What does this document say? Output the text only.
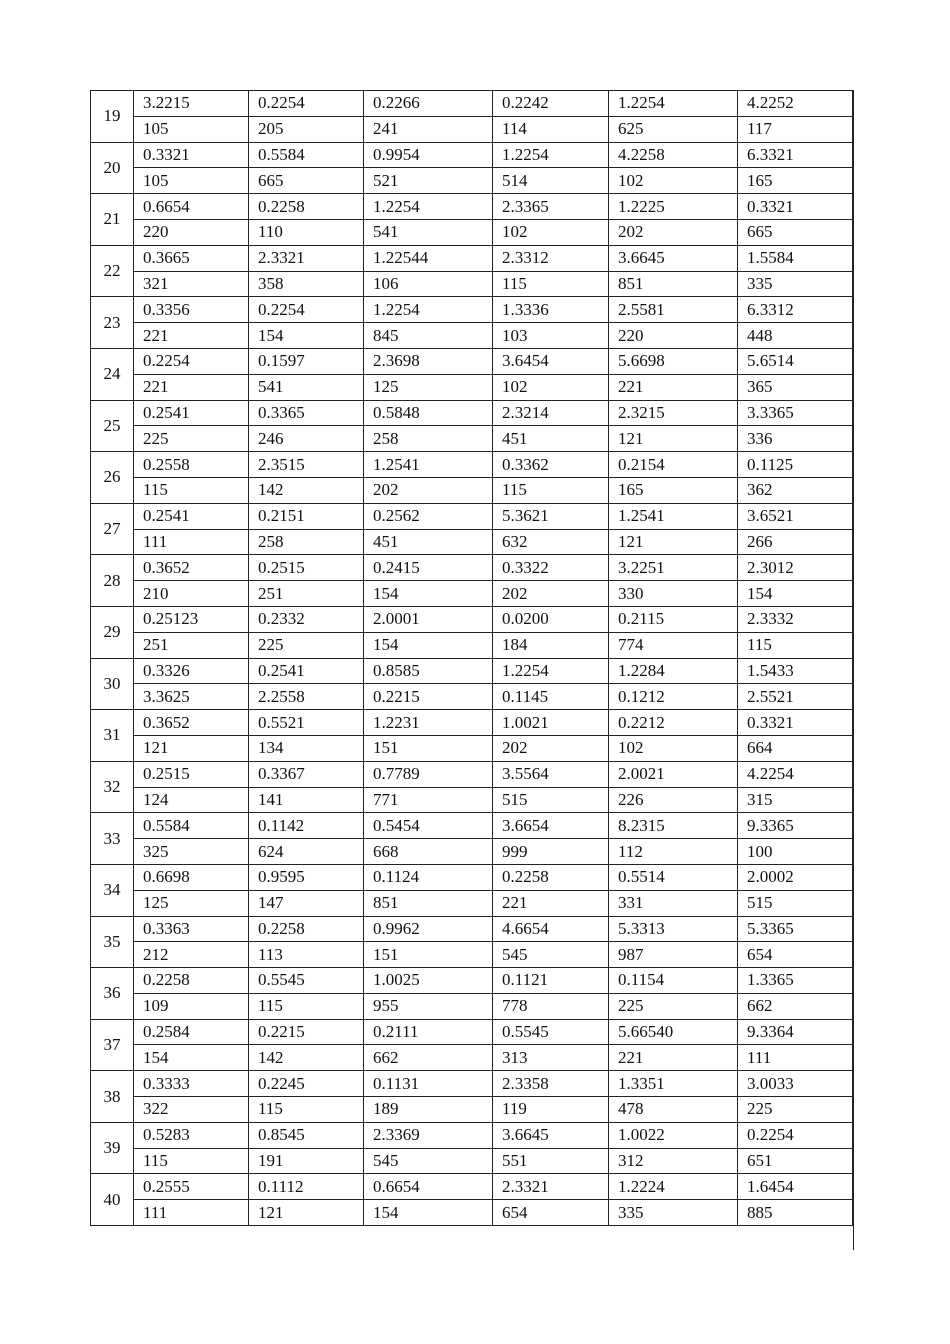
19	3.2215	0.2254	0.2266	0.2242	1.2254	4.2252
	105	205	241	114	625	117
20	0.3321	0.5584	0.9954	1.2254	4.2258	6.3321
	105	665	521	514	102	165
21	0.6654	0.2258	1.2254	2.3365	1.2225	0.3321
	220	110	541	102	202	665
22	0.3665	2.3321	1.22544	2.3312	3.6645	1.5584
	321	358	106	115	851	335
23	0.3356	0.2254	1.2254	1.3336	2.5581	6.3312
	221	154	845	103	220	448
24	0.2254	0.1597	2.3698	3.6454	5.6698	5.6514
	221	541	125	102	221	365
25	0.2541	0.3365	0.5848	2.3214	2.3215	3.3365
	225	246	258	451	121	336
26	0.2558	2.3515	1.2541	0.3362	0.2154	0.1125
	115	142	202	115	165	362
27	0.2541	0.2151	0.2562	5.3621	1.2541	3.6521
	111	258	451	632	121	266
28	0.3652	0.2515	0.2415	0.3322	3.2251	2.3012
	210	251	154	202	330	154
29	0.25123	0.2332	2.0001	0.0200	0.2115	2.3332
	251	225	154	184	774	115
30	0.3326	0.2541	0.8585	1.2254	1.2284	1.5433
	3.3625	2.2558	0.2215	0.1145	0.1212	2.5521
31	0.3652	0.5521	1.2231	1.0021	0.2212	0.3321
	121	134	151	202	102	664
32	0.2515	0.3367	0.7789	3.5564	2.0021	4.2254
	124	141	771	515	226	315
33	0.5584	0.1142	0.5454	3.6654	8.2315	9.3365
	325	624	668	999	112	100
34	0.6698	0.9595	0.1124	0.2258	0.5514	2.0002
	125	147	851	221	331	515
35	0.3363	0.2258	0.9962	4.6654	5.3313	5.3365
	212	113	151	545	987	654
36	0.2258	0.5545	1.0025	0.1121	0.1154	1.3365
	109	115	955	778	225	662
37	0.2584	0.2215	0.2111	0.5545	5.66540	9.3364
	154	142	662	313	221	111
38	0.3333	0.2245	0.1131	2.3358	1.3351	3.0033
	322	115	189	119	478	225
39	0.5283	0.8545	2.3369	3.6645	1.0022	0.2254
	115	191	545	551	312	651
40	0.2555	0.1112	0.6654	2.3321	1.2224	1.6454
	111	121	154	654	335	885
